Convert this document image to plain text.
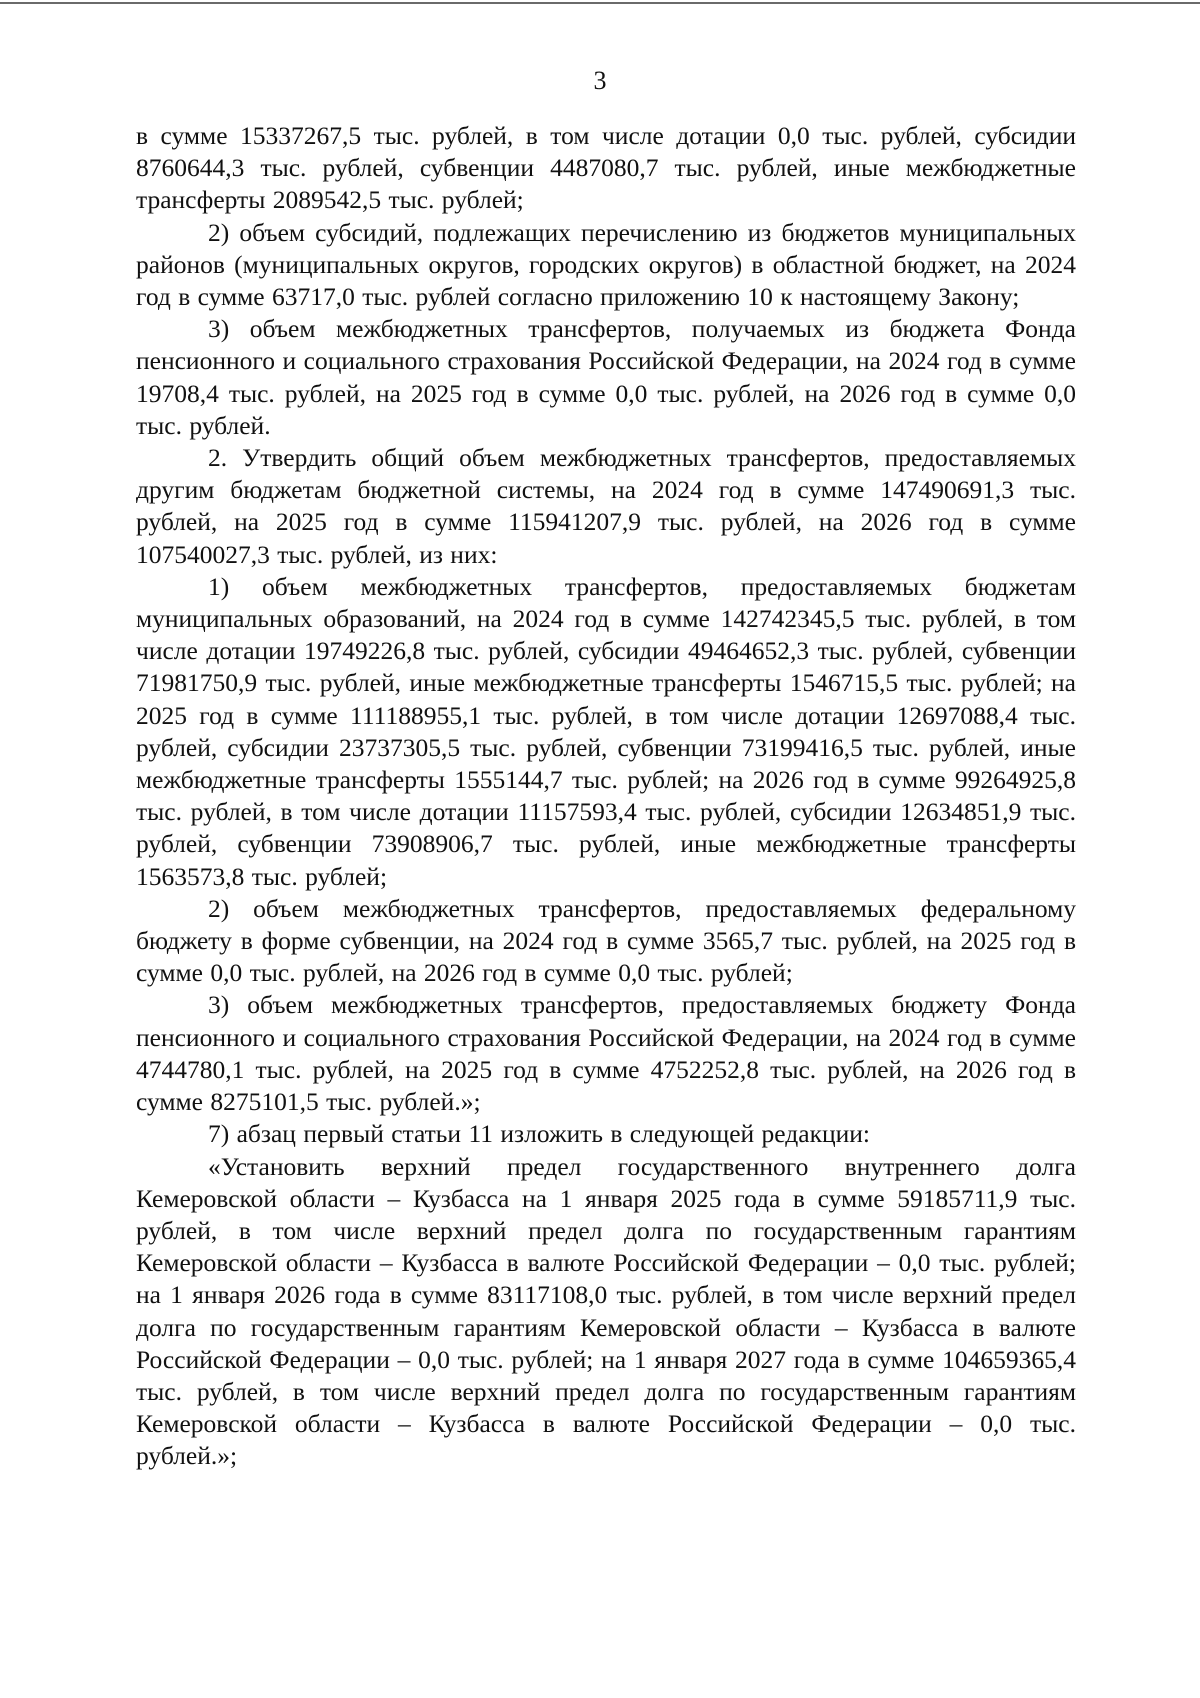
3

в сумме 15337267,5 тыс. рублей, в том числе дотации 0,0 тыс. рублей, субсидии 8760644,3 тыс. рублей, субвенции 4487080,7 тыс. рублей, иные межбюджетные трансферты 2089542,5 тыс. рублей;

2) объем субсидий, подлежащих перечислению из бюджетов муниципальных районов (муниципальных округов, городских округов) в областной бюджет, на 2024 год в сумме 63717,0 тыс. рублей согласно приложению 10 к настоящему Закону;

3) объем межбюджетных трансфертов, получаемых из бюджета Фонда пенсионного и социального страхования Российской Федерации, на 2024 год в сумме 19708,4 тыс. рублей, на 2025 год в сумме 0,0 тыс. рублей, на 2026 год в сумме 0,0 тыс. рублей.

2. Утвердить общий объем межбюджетных трансфертов, предоставляемых другим бюджетам бюджетной системы, на 2024 год в сумме 147490691,3 тыс. рублей, на 2025 год в сумме 115941207,9 тыс. рублей, на 2026 год в сумме 107540027,3 тыс. рублей, из них:

1) объем межбюджетных трансфертов, предоставляемых бюджетам муниципальных образований, на 2024 год в сумме 142742345,5 тыс. рублей, в том числе дотации 19749226,8 тыс. рублей, субсидии 49464652,3 тыс. рублей, субвенции 71981750,9 тыс. рублей, иные межбюджетные трансферты 1546715,5 тыс. рублей; на 2025 год в сумме 111188955,1 тыс. рублей, в том числе дотации 12697088,4 тыс. рублей, субсидии 23737305,5 тыс. рублей, субвенции 73199416,5 тыс. рублей, иные межбюджетные трансферты 1555144,7 тыс. рублей; на 2026 год в сумме 99264925,8 тыс. рублей, в том числе дотации 11157593,4 тыс. рублей, субсидии 12634851,9 тыс. рублей, субвенции 73908906,7 тыс. рублей, иные межбюджетные трансферты 1563573,8 тыс. рублей;

2) объем межбюджетных трансфертов, предоставляемых федеральному бюджету в форме субвенции, на 2024 год в сумме 3565,7 тыс. рублей, на 2025 год в сумме 0,0 тыс. рублей, на 2026 год в сумме 0,0 тыс. рублей;

3) объем межбюджетных трансфертов, предоставляемых бюджету Фонда пенсионного и социального страхования Российской Федерации, на 2024 год в сумме 4744780,1 тыс. рублей, на 2025 год в сумме 4752252,8 тыс. рублей, на 2026 год в сумме 8275101,5 тыс. рублей.»;

7) абзац первый статьи 11 изложить в следующей редакции:

«Установить верхний предел государственного внутреннего долга Кемеровской области – Кузбасса на 1 января 2025 года в сумме 59185711,9 тыс. рублей, в том числе верхний предел долга по государственным гарантиям Кемеровской области – Кузбасса в валюте Российской Федерации – 0,0 тыс. рублей; на 1 января 2026 года в сумме 83117108,0 тыс. рублей, в том числе верхний предел долга по государственным гарантиям Кемеровской области – Кузбасса в валюте Российской Федерации – 0,0 тыс. рублей; на 1 января 2027 года в сумме 104659365,4 тыс. рублей, в том числе верхний предел долга по государственным гарантиям Кемеровской области – Кузбасса в валюте Российской Федерации – 0,0 тыс. рублей.»;
